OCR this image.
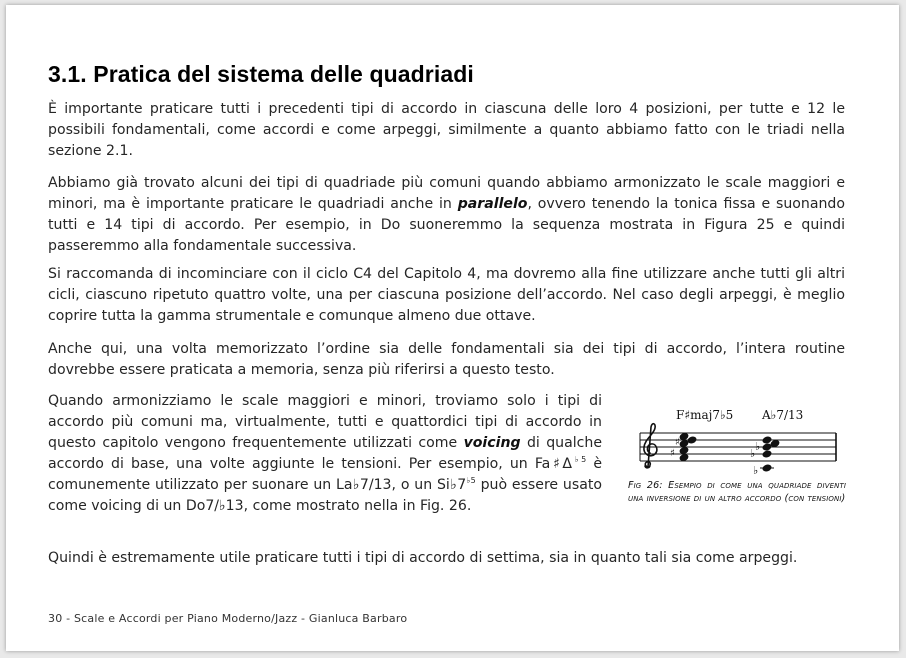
3.1. Pratica del sistema delle quadriadi

È importante praticare tutti i precedenti tipi di accordo in ciascuna delle loro 4 posizioni, per tutte e 12 le possibili fondamentali, come accordi e come arpeggi, similmente a quanto abbiamo fatto con le triadi nella sezione 2.1.

Abbiamo già trovato alcuni dei tipi di quadriade più comuni quando abbiamo armonizzato le scale maggiori e minori, ma è importante praticare le quadriadi anche in parallelo, ovvero tenendo la tonica fissa e suonando tutti e 14 tipi di accordo. Per esempio, in Do suoneremmo la sequenza mostrata in Figura 25 e quindi passeremmo alla fondamentale successiva.

Si raccomanda di incominciare con il ciclo C4 del Capitolo 4, ma dovremo alla fine utilizzare anche tutti gli altri cicli, ciascuno ripetuto quattro volte, una per ciascuna posizione dell’accordo. Nel caso degli arpeggi, è meglio coprire tutta la gamma strumentale e comunque almeno due ottave.

Anche qui, una volta memorizzato l’ordine sia delle fondamentali sia dei tipi di accordo, l’intera routine dovrebbe essere praticata a memoria, senza più riferirsi a questo testo.

Quando armonizziamo le scale maggiori e minori, troviamo solo i tipi di accordo più comuni ma, virtualmente, tutti e quattordici tipi di accordo in questo capitolo vengono frequentemente utilizzati come voicing di qualche accordo di base, una volte aggiunte le tensioni. Per esempio, un $Fa♯\Delta^{♭5}$ è comunemente utilizzato per suonare un La♭7/13, o un $Si♭7^{♭5}$ può essere usato come voicing di un Do7/♭13, come mostrato nella in Fig. 26.

F♯maj7♭5 A♭7/13
♯
♯
♭
♭
♭

Fig 26: Esempio di come una quadriade diventi una inversione di un altro accordo (con tensioni)

Quindi è estremamente utile praticare tutti i tipi di accordo di settima, sia in quanto tali sia come arpeggi.

30 - Scale e Accordi per Piano Moderno/Jazz - Gianluca Barbaro
